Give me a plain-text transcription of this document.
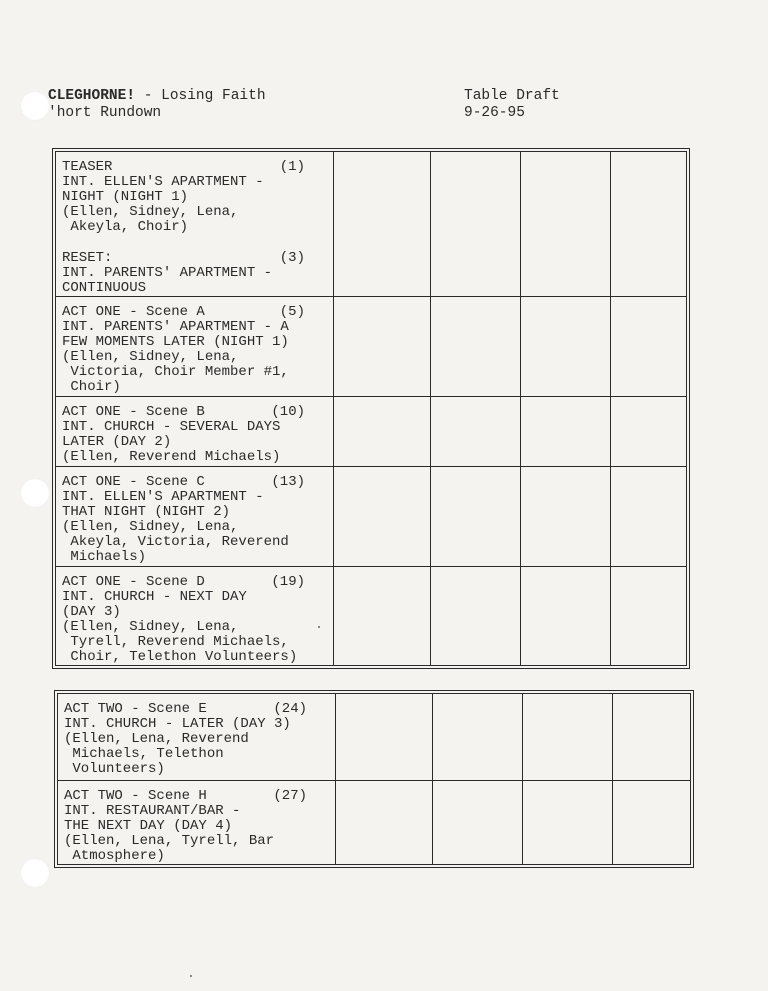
CLEGHORNE! - Losing Faith
'hort Rundown
Table Draft
9-26-95
TEASER	(1)
INT. ELLEN'S APARTMENT -
NIGHT (NIGHT 1)
(Ellen, Sidney, Lena,
Akeyla, Choir)
RESET:	(3)
INT. PARENTS' APARTMENT -
CONTINUOUS
ACT ONE - Scene A	(5)
INT. PARENTS' APARTMENT - A
FEW MOMENTS LATER (NIGHT 1)
(Ellen, Sidney, Lena,
Victoria, Choir Member #1,
Choir)
ACT ONE - Scene B	(10)
INT. CHURCH - SEVERAL DAYS
LATER (DAY 2)
(Ellen, Reverend Michaels)
ACT ONE - Scene C	(13)
INT. ELLEN'S APARTMENT -
THAT NIGHT (NIGHT 2)
(Ellen, Sidney, Lena,
Akeyla, Victoria, Reverend
Michaels)
ACT ONE - Scene D	(19)
INT. CHURCH - NEXT DAY
(DAY 3)
(Ellen, Sidney, Lena,
Tyrell, Reverend Michaels,
Choir, Telethon Volunteers)
ACT TWO - Scene E	(24)
INT. CHURCH - LATER (DAY 3)
(Ellen, Lena, Reverend
Michaels, Telethon
Volunteers)
ACT TWO - Scene H	(27)
INT. RESTAURANT/BAR -
THE NEXT DAY (DAY 4)
(Ellen, Lena, Tyrell, Bar
Atmosphere)
